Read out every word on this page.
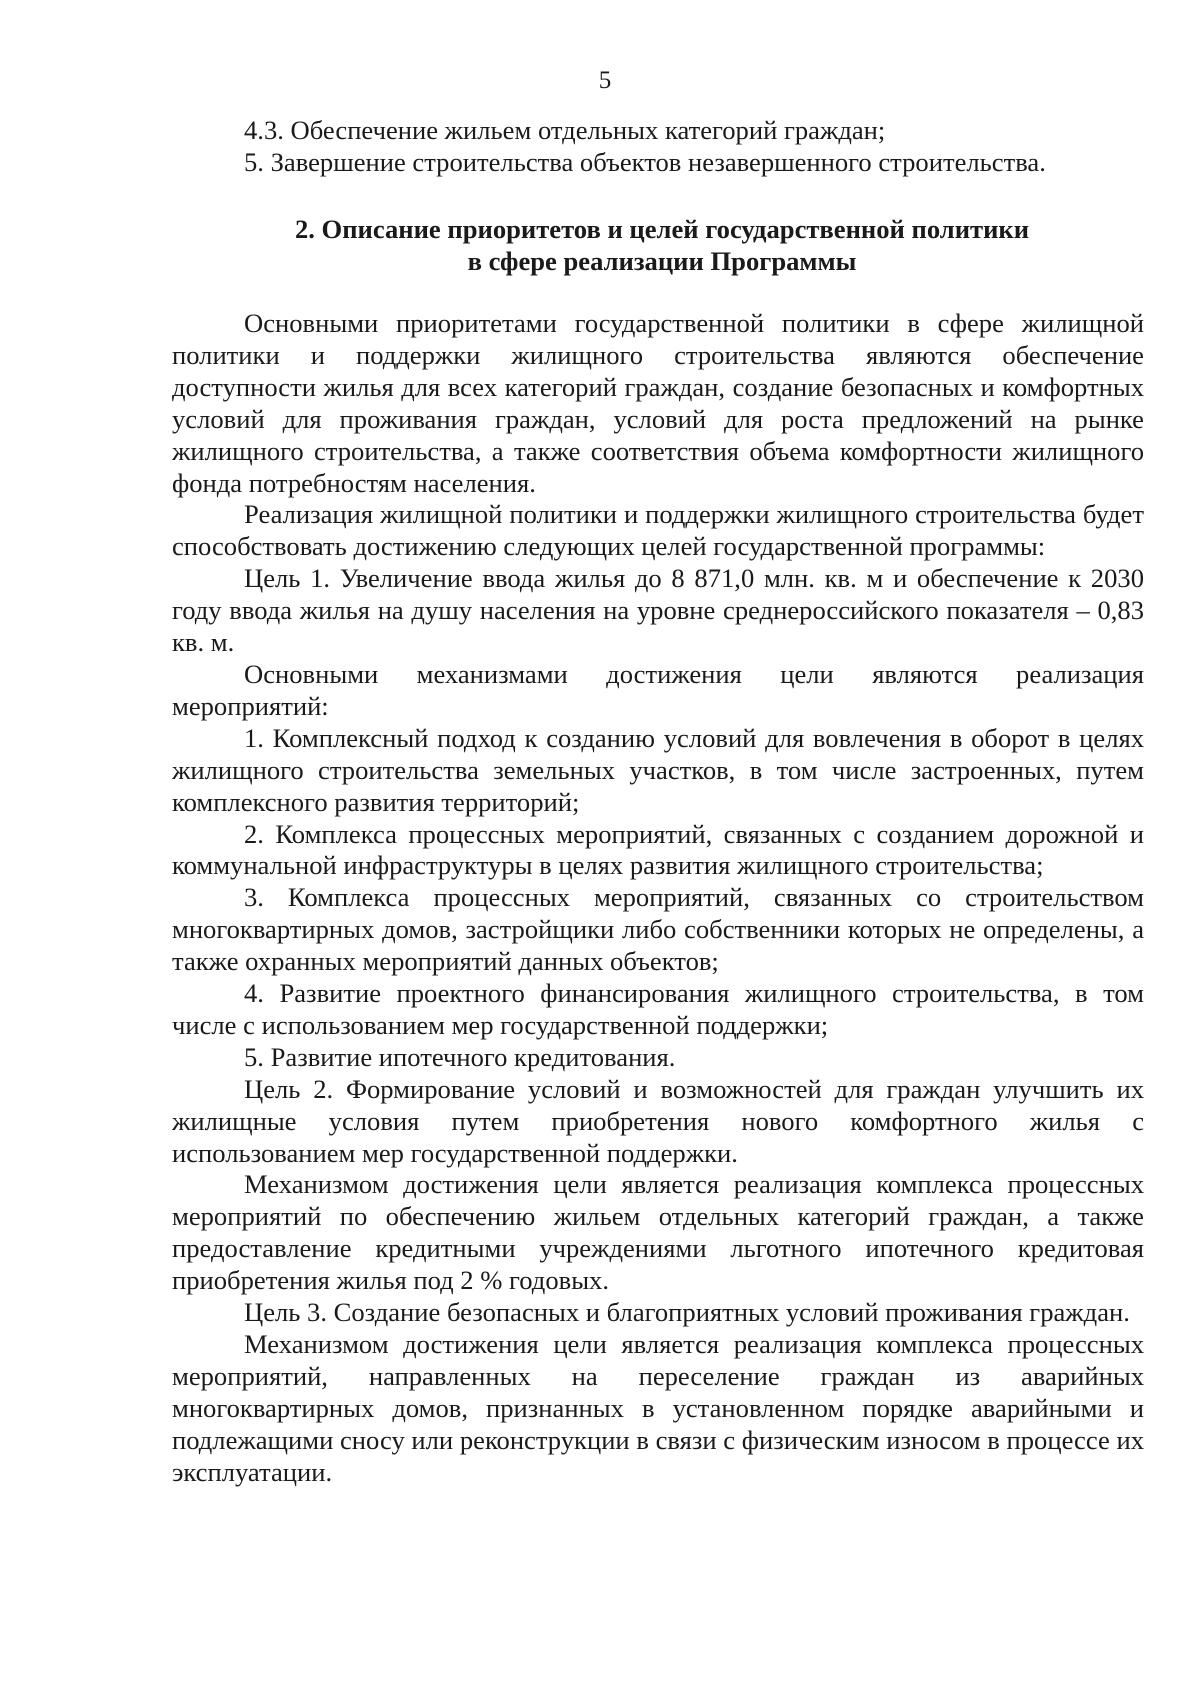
5

4.3. Обеспечение жильем отдельных категорий граждан;

5. Завершение строительства объектов незавершенного строительства.

2. Описание приоритетов и целей государственной политики
в сфере реализации Программы

Основными приоритетами государственной политики в сфере жилищной политики и поддержки жилищного строительства являются обеспечение доступности жилья для всех категорий граждан, создание безопасных и комфортных условий для проживания граждан, условий для роста предложений на рынке жилищного строительства, а также соответствия объема комфортности жилищного фонда потребностям населения.

Реализация жилищной политики и поддержки жилищного строительства будет способствовать достижению следующих целей государственной программы:

Цель 1. Увеличение ввода жилья до 8 871,0 млн. кв. м и обеспечение к 2030 году ввода жилья на душу населения на уровне среднероссийского показателя – 0,83 кв. м.

Основными механизмами достижения цели являются реализация мероприятий:

1. Комплексный подход к созданию условий для вовлечения в оборот в целях жилищного строительства земельных участков, в том числе застроенных, путем комплексного развития территорий;

2. Комплекса процессных мероприятий, связанных с созданием дорожной и коммунальной инфраструктуры в целях развития жилищного строительства;

3. Комплекса процессных мероприятий, связанных со строительством многоквартирных домов, застройщики либо собственники которых не определены, а также охранных мероприятий данных объектов;

4. Развитие проектного финансирования жилищного строительства, в том числе с использованием мер государственной поддержки;

5. Развитие ипотечного кредитования.

Цель 2. Формирование условий и возможностей для граждан улучшить их жилищные условия путем приобретения нового комфортного жилья с использованием мер государственной поддержки.

Механизмом достижения цели является реализация комплекса процессных мероприятий по обеспечению жильем отдельных категорий граждан, а также предоставление кредитными учреждениями льготного ипотечного кредитовая приобретения жилья под 2 % годовых.

Цель 3. Создание безопасных и благоприятных условий проживания граждан.

Механизмом достижения цели является реализация комплекса процессных мероприятий, направленных на переселение граждан из аварийных многоквартирных домов, признанных в установленном порядке аварийными и подлежащими сносу или реконструкции в связи с физическим износом в процессе их эксплуатации.
